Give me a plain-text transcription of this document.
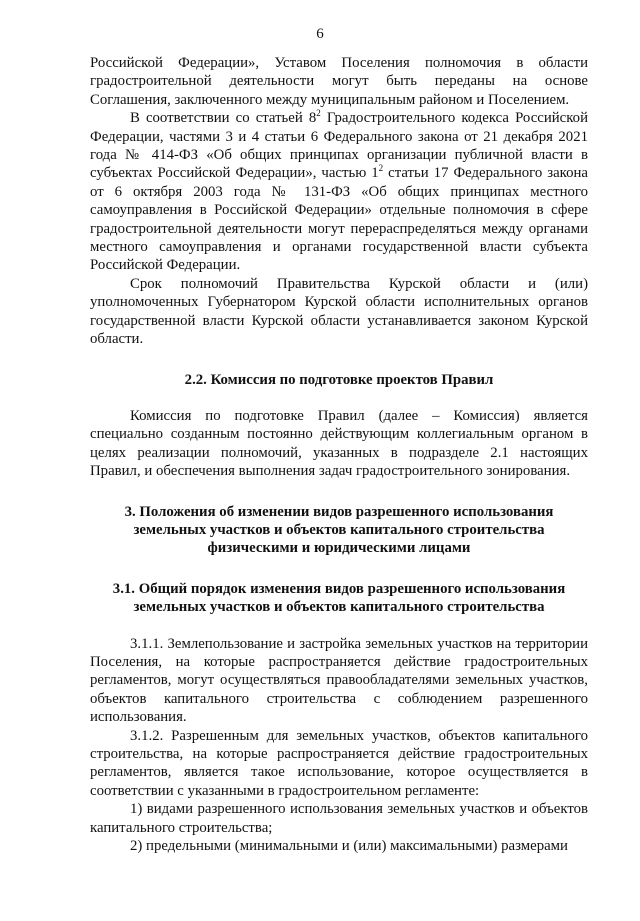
6

Российской Федерации», Уставом Поселения полномочия в области градостроительной деятельности могут быть переданы на основе Соглашения, заключенного между муниципальным районом и Поселением.

В соответствии со статьей $8^2$ Градостроительного кодекса Российской Федерации, частями 3 и 4 статьи 6 Федерального закона от 21 декабря 2021 года № 414-ФЗ «Об общих принципах организации публичной власти в субъектах Российской Федерации», частью $1^2$ статьи 17 Федерального закона от 6 октября 2003 года № 131-ФЗ «Об общих принципах местного самоуправления в Российской Федерации» отдельные полномочия в сфере градостроительной деятельности могут перераспределяться между органами местного самоуправления и органами государственной власти субъекта Российской Федерации.

Срок полномочий Правительства Курской области и (или) уполномоченных Губернатором Курской области исполнительных органов государственной власти Курской области устанавливается законом Курской области.

2.2. Комиссия по подготовке проектов Правил

Комиссия по подготовке Правил (далее – Комиссия) является специально созданным постоянно действующим коллегиальным органом в целях реализации полномочий, указанных в подразделе 2.1 настоящих Правил, и обеспечения выполнения задач градостроительного зонирования.

3. Положения об изменении видов разрешенного использования
земельных участков и объектов капитального строительства
физическими и юридическими лицами
3.1. Общий порядок изменения видов разрешенного использования
земельных участков и объектов капитального строительства

3.1.1. Землепользование и застройка земельных участков на территории Поселения, на которые распространяется действие градостроительных регламентов, могут осуществляться правообладателями земельных участков, объектов капитального строительства с соблюдением разрешенного использования.

3.1.2. Разрешенным для земельных участков, объектов капитального строительства, на которые распространяется действие градостроительных регламентов, является такое использование, которое осуществляется в соответствии с указанными в градостроительном регламенте:

1) видами разрешенного использования земельных участков и объектов капитального строительства;

2) предельными (минимальными и (или) максимальными) размерами
